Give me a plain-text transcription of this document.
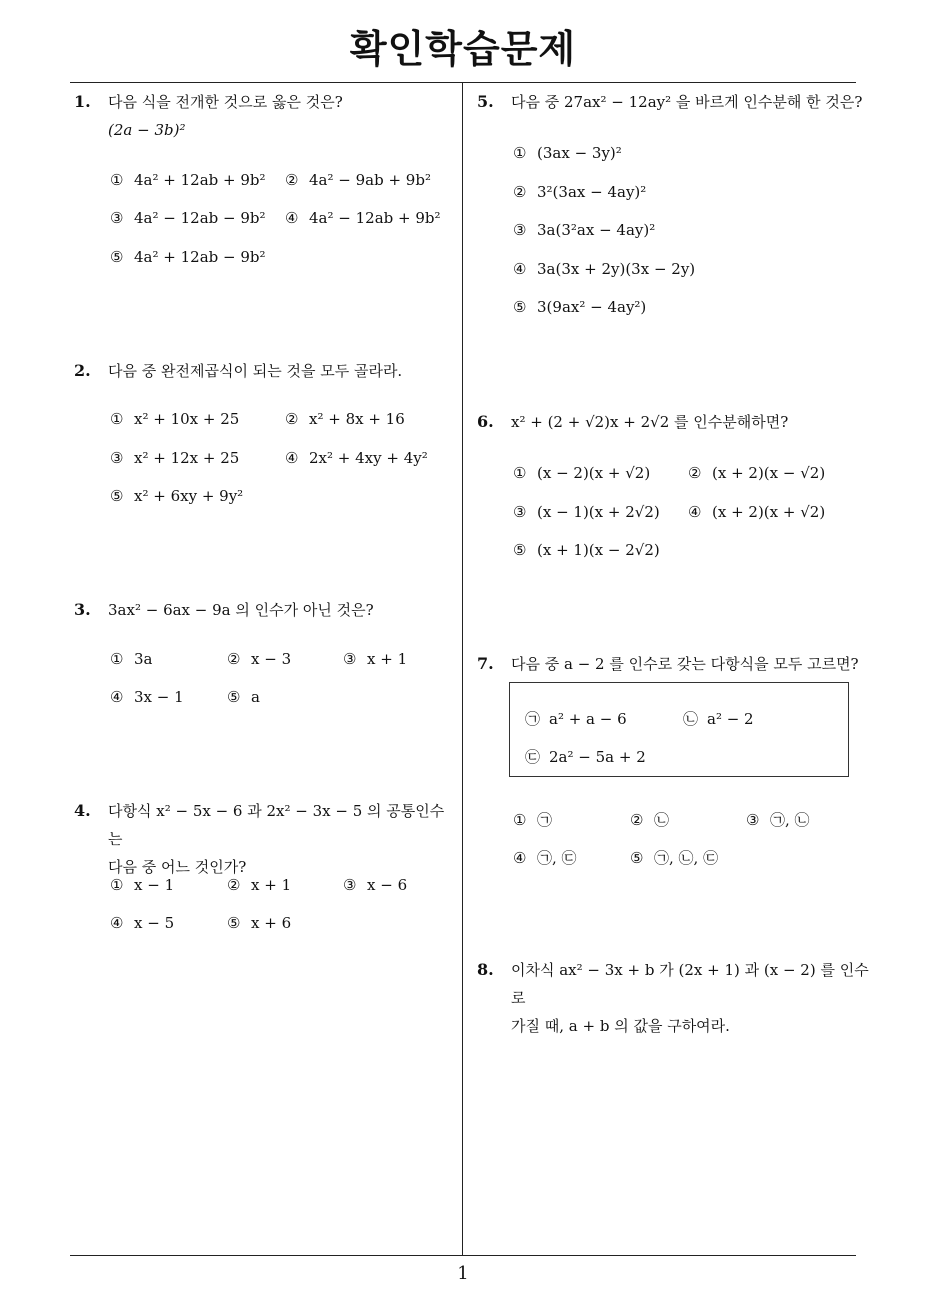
확인학습문제
1
1. 다음 식을 전개한 것으로 옳은 것은?
(2a − 3b)²
① 4a² + 12ab + 9b² ② 4a² − 9ab + 9b²
③ 4a² − 12ab − 9b² ④ 4a² − 12ab + 9b²
⑤ 4a² + 12ab − 9b²
2. 다음 중 완전제곱식이 되는 것을 모두 골라라.
① x² + 10x + 25	② x² + 8x + 16
③ x² + 12x + 25	④ 2x² + 4xy + 4y²
⑤ x² + 6xy + 9y²
3. 3ax² − 6ax − 9a 의 인수가 아닌 것은?
① 3a	② x − 3	③ x + 1
④ 3x − 1	⑤ a
4. 다항식 x² − 5x − 6 과 2x² − 3x − 5 의 공통인수는
다음 중 어느 것인가?
① x − 1	② x + 1	③ x − 6
④ x − 5	⑤ x + 6
5. 다음 중 27ax² − 12ay² 을 바르게 인수분해 한 것은?
① (3ax − 3y)²
② 3²(3ax − 4ay)²
③ 3a(3²ax − 4ay)²
④ 3a(3x + 2y)(3x − 2y)
⑤ 3(9ax² − 4ay²)
6. x² + (2 + √2)x + 2√2 를 인수분해하면?
① (x − 2)(x + √2)	② (x + 2)(x − √2)
③ (x − 1)(x + 2√2) ④ (x + 2)(x + √2)
⑤ (x + 1)(x − 2√2)
7. 다음 중 a − 2 를 인수로 갖는 다항식을 모두 고르면?
㉠ a² + a − 6	㉡ a² − 2
㉢ 2a² − 5a + 2
① ㉠	② ㉡	③ ㉠, ㉡
④ ㉠, ㉢	⑤ ㉠, ㉡, ㉢
8. 이차식 ax² − 3x + b 가 (2x + 1) 과 (x − 2) 를 인수로
가질 때, a + b 의 값을 구하여라.
